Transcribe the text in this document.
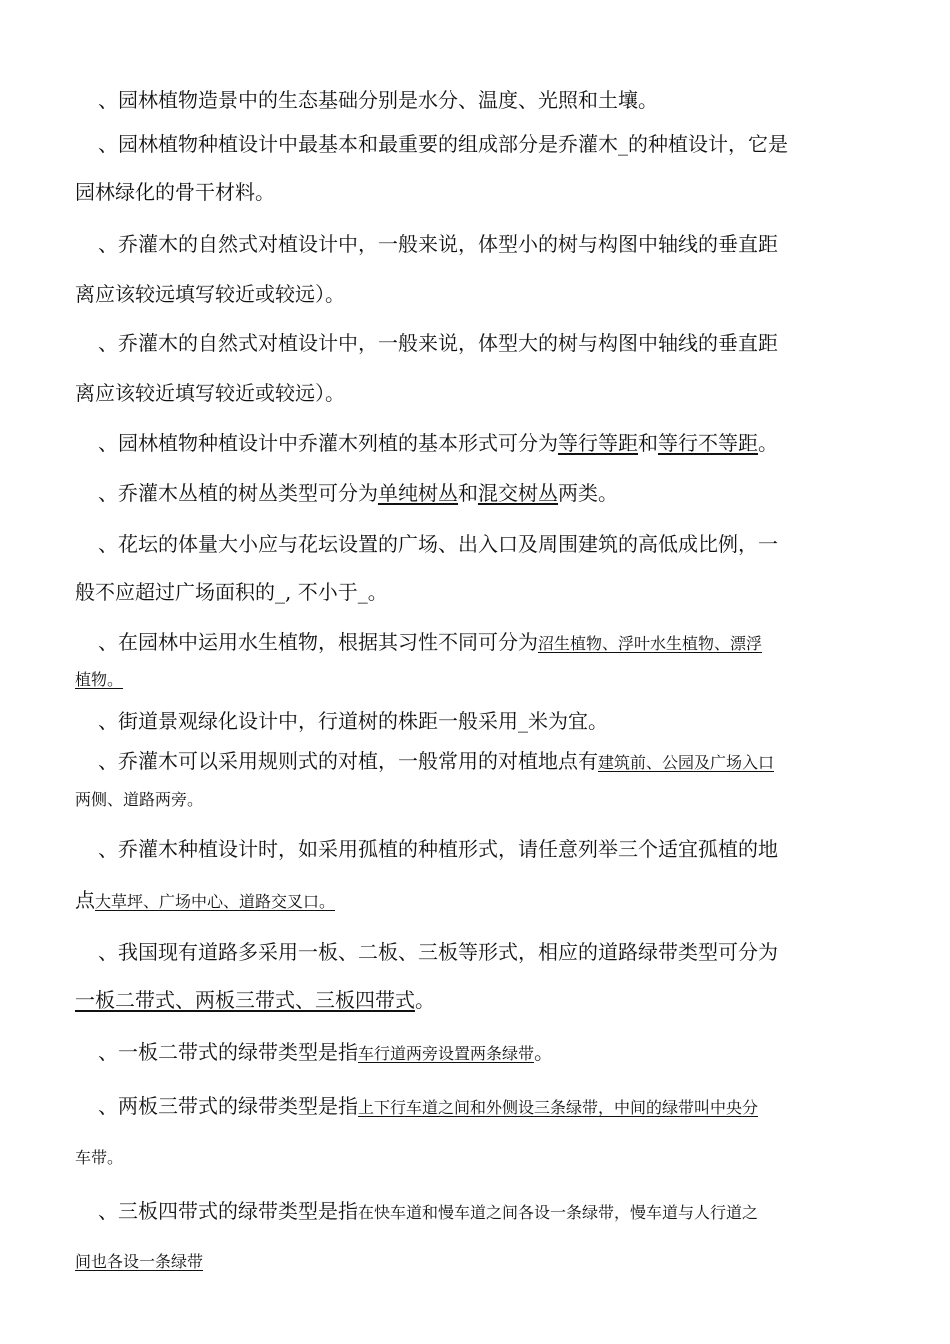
、园林植物造景中的生态基础分别是水分、温度、光照和土壤。
、园林植物种植设计中最基本和最重要的组成部分是乔灌木_的种植设计，它是
园林绿化的骨干材料。
、乔灌木的自然式对植设计中，一般来说，体型小的树与构图中轴线的垂直距
离应该较远填写较近或较远）。
、乔灌木的自然式对植设计中，一般来说，体型大的树与构图中轴线的垂直距
离应该较近填写较近或较远）。
、园林植物种植设计中乔灌木列植的基本形式可分为等行等距和等行不等距。
、乔灌木丛植的树丛类型可分为单纯树丛和混交树丛两类。
、花坛的体量大小应与花坛设置的广场、出入口及周围建筑的高低成比例，一
般不应超过广场面积的_, 不小于_。
、在园林中运用水生植物，根据其习性不同可分为沼生植物、浮叶水生植物、漂浮
植物。
、街道景观绿化设计中，行道树的株距一般采用_米为宜。
、乔灌木可以采用规则式的对植，一般常用的对植地点有建筑前、公园及广场入口
两侧、道路两旁。
、乔灌木种植设计时，如采用孤植的种植形式，请任意列举三个适宜孤植的地
点大草坪、广场中心、道路交叉口。
、我国现有道路多采用一板、二板、三板等形式，相应的道路绿带类型可分为
一板二带式、两板三带式、三板四带式。
、一板二带式的绿带类型是指车行道两旁设置两条绿带。
、两板三带式的绿带类型是指上下行车道之间和外侧设三条绿带，中间的绿带叫中央分
车带。
、三板四带式的绿带类型是指在快车道和慢车道之间各设一条绿带，慢车道与人行道之
间也各设一条绿带
